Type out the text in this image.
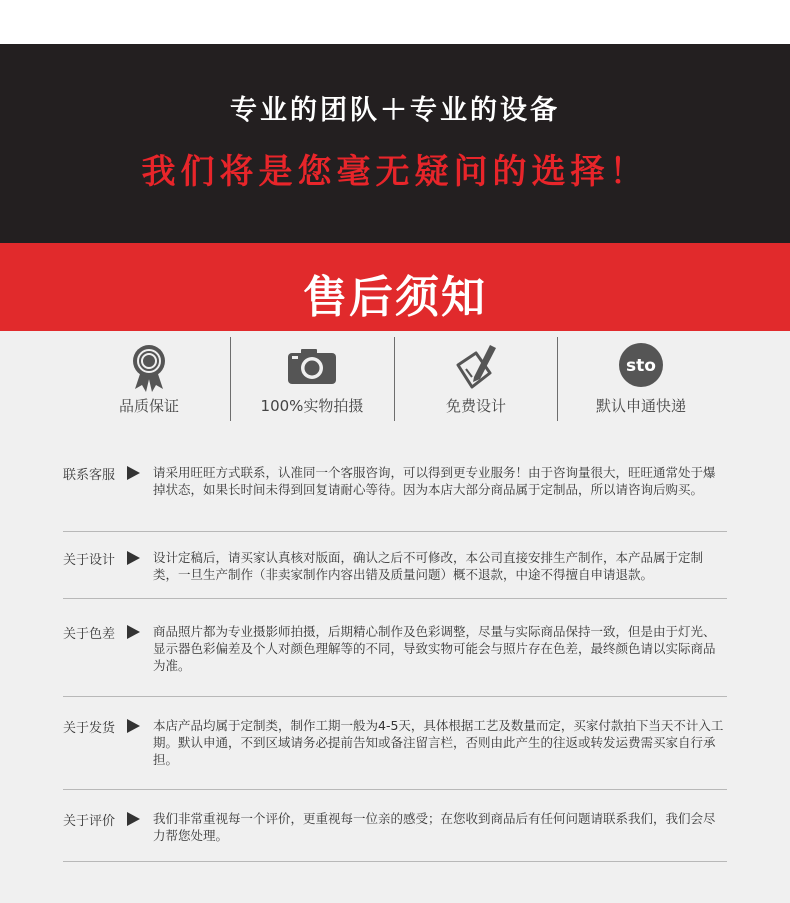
专业的团队＋专业的设备
我们将是您毫无疑问的选择！
售后须知
品质保证	100%实物拍摄	免费设计
sto
默认申通快递
联系客服	请采用旺旺方式联系，认准同一个客服咨询，可以得到更专业服务！由于咨询量很大，旺旺通常处于爆掉状态，如果长时间未得到回复请耐心等待。因为本店大部分商品属于定制品，所以请咨询后购买。
关于设计	设计定稿后，请买家认真核对版面，确认之后不可修改，本公司直接安排生产制作，本产品属于定制类，一旦生产制作（非卖家制作内容出错及质量问题）概不退款，中途不得擅自申请退款。
关于色差	商品照片都为专业摄影师拍摄，后期精心制作及色彩调整，尽量与实际商品保持一致，但是由于灯光、显示器色彩偏差及个人对颜色理解等的不同，导致实物可能会与照片存在色差，最终颜色请以实际商品为准。
关于发货	本店产品均属于定制类，制作工期一般为4-5天，具体根据工艺及数量而定，买家付款拍下当天不计入工期。默认申通，不到区域请务必提前告知或备注留言栏，否则由此产生的往返或转发运费需买家自行承担。
关于评价	我们非常重视每一个评价，更重视每一位亲的感受；在您收到商品后有任何问题请联系我们，我们会尽力帮您处理。
